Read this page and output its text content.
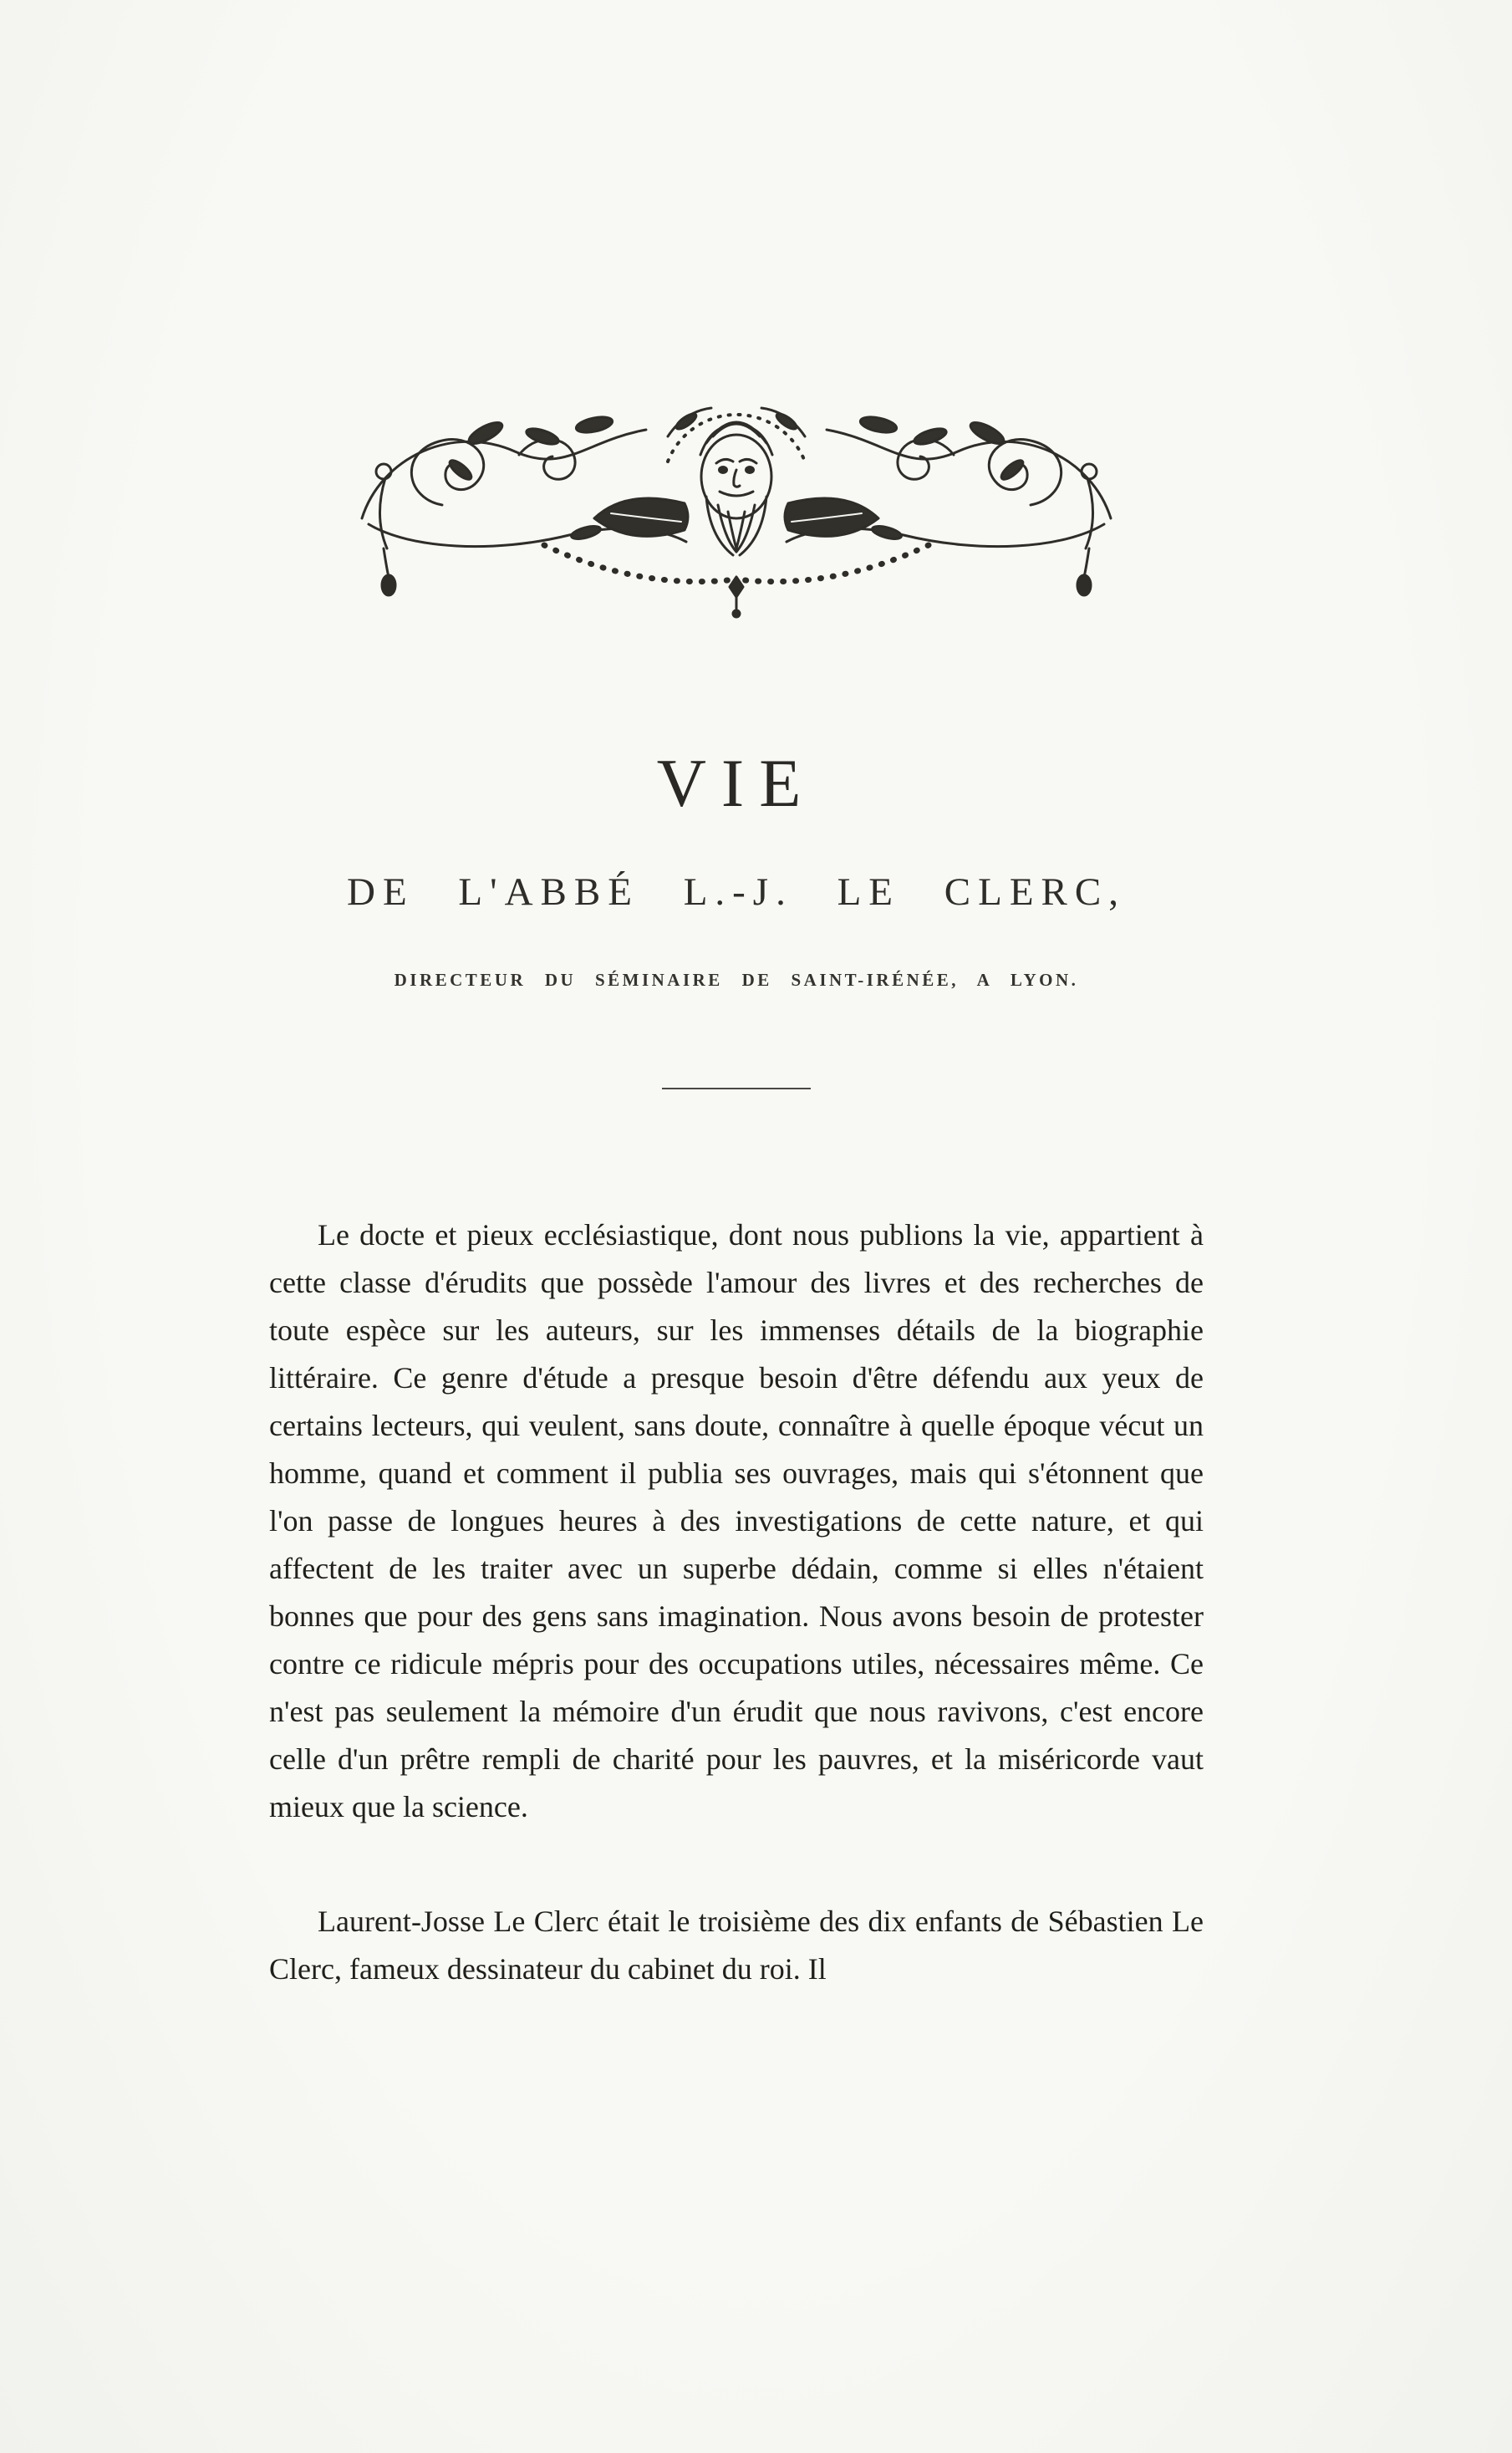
VIE
DE L'ABBÉ L.-J. LE CLERC,
DIRECTEUR DU SÉMINAIRE DE SAINT-IRÉNÉE, A LYON.

Le docte et pieux ecclésiastique, dont nous publions la vie, appartient à cette classe d'érudits que possède l'amour des livres et des recherches de toute espèce sur les auteurs, sur les immenses détails de la biographie littéraire. Ce genre d'étude a presque besoin d'être défendu aux yeux de certains lecteurs, qui veulent, sans doute, connaître à quelle époque vécut un homme, quand et comment il publia ses ouvrages, mais qui s'étonnent que l'on passe de longues heures à des investigations de cette nature, et qui affectent de les traiter avec un superbe dédain, comme si elles n'étaient bonnes que pour des gens sans imagination. Nous avons besoin de protester contre ce ridicule mépris pour des occupations utiles, nécessaires même. Ce n'est pas seulement la mémoire d'un érudit que nous ravivons, c'est encore celle d'un prêtre rempli de charité pour les pauvres, et la miséricorde vaut mieux que la science.

Laurent-Josse Le Clerc était le troisième des dix enfants de Sébastien Le Clerc, fameux dessinateur du cabinet du roi. Il
